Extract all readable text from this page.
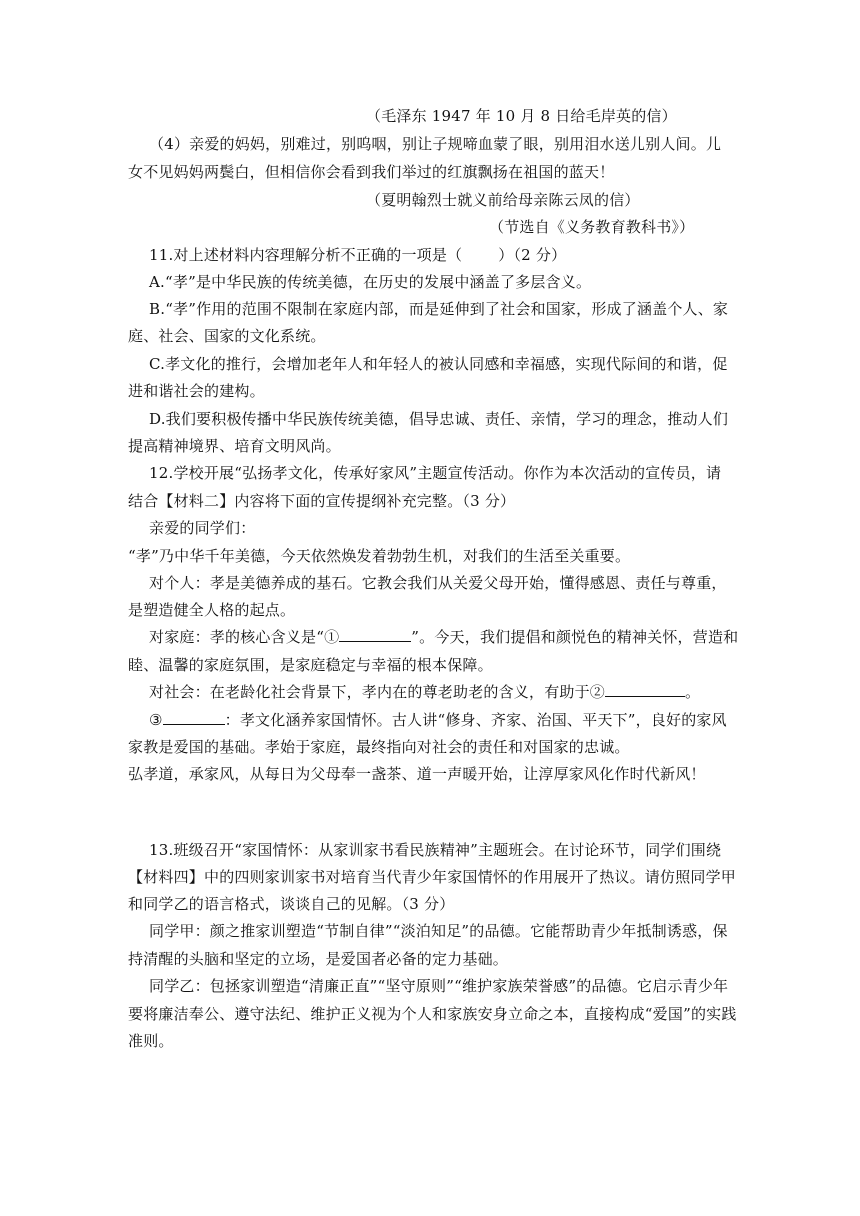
（毛泽东 1947 年 10 月 8 日给毛岸英的信）
（4）亲爱的妈妈，别难过，别呜咽，别让子规啼血蒙了眼，别用泪水送儿别人间。儿
女不见妈妈两鬓白，但相信你会看到我们举过的红旗飘扬在祖国的蓝天！
（夏明翰烈士就义前给母亲陈云凤的信）
（节选自《义务教育教科书》）
11.对上述材料内容理解分析不正确的一项是（ ）（2 分）
A.“孝”是中华民族的传统美德，在历史的发展中涵盖了多层含义。
B.“孝”作用的范围不限制在家庭内部，而是延伸到了社会和国家，形成了涵盖个人、家
庭、社会、国家的文化系统。
C.孝文化的推行，会增加老年人和年轻人的被认同感和幸福感，实现代际间的和谐，促
进和谐社会的建构。
D.我们要积极传播中华民族传统美德，倡导忠诚、责任、亲情，学习的理念，推动人们
提高精神境界、培育文明风尚。
12.学校开展“弘扬孝文化，传承好家风”主题宣传活动。你作为本次活动的宣传员，请
结合【材料二】内容将下面的宣传提纲补充完整。（3 分）
亲爱的同学们：
“孝”乃中华千年美德，今天依然焕发着勃勃生机，对我们的生活至关重要。
对个人：孝是美德养成的基石。它教会我们从关爱父母开始，懂得感恩、责任与尊重，
是塑造健全人格的起点。
对家庭：孝的核心含义是“①	”。今天，我们提倡和颜悦色的精神关怀，营造和
睦、温馨的家庭氛围，是家庭稳定与幸福的根本保障。
对社会：在老龄化社会背景下，孝内在的尊老助老的含义，有助于②	。
③	：孝文化涵养家国情怀。古人讲“修身、齐家、治国、平天下”，良好的家风
家教是爱国的基础。孝始于家庭，最终指向对社会的责任和对国家的忠诚。
弘孝道，承家风，从每日为父母奉一盏茶、道一声暖开始，让淳厚家风化作时代新风！
13.班级召开“家国情怀：从家训家书看民族精神”主题班会。在讨论环节，同学们围绕
【材料四】中的四则家训家书对培育当代青少年家国情怀的作用展开了热议。请仿照同学甲
和同学乙的语言格式，谈谈自己的见解。（3 分）
同学甲：颜之推家训塑造“节制自律”“淡泊知足”的品德。它能帮助青少年抵制诱惑，保
持清醒的头脑和坚定的立场，是爱国者必备的定力基础。
同学乙：包拯家训塑造“清廉正直”“坚守原则”“维护家族荣誉感”的品德。它启示青少年
要将廉洁奉公、遵守法纪、维护正义视为个人和家族安身立命之本，直接构成“爱国”的实践
准则。
